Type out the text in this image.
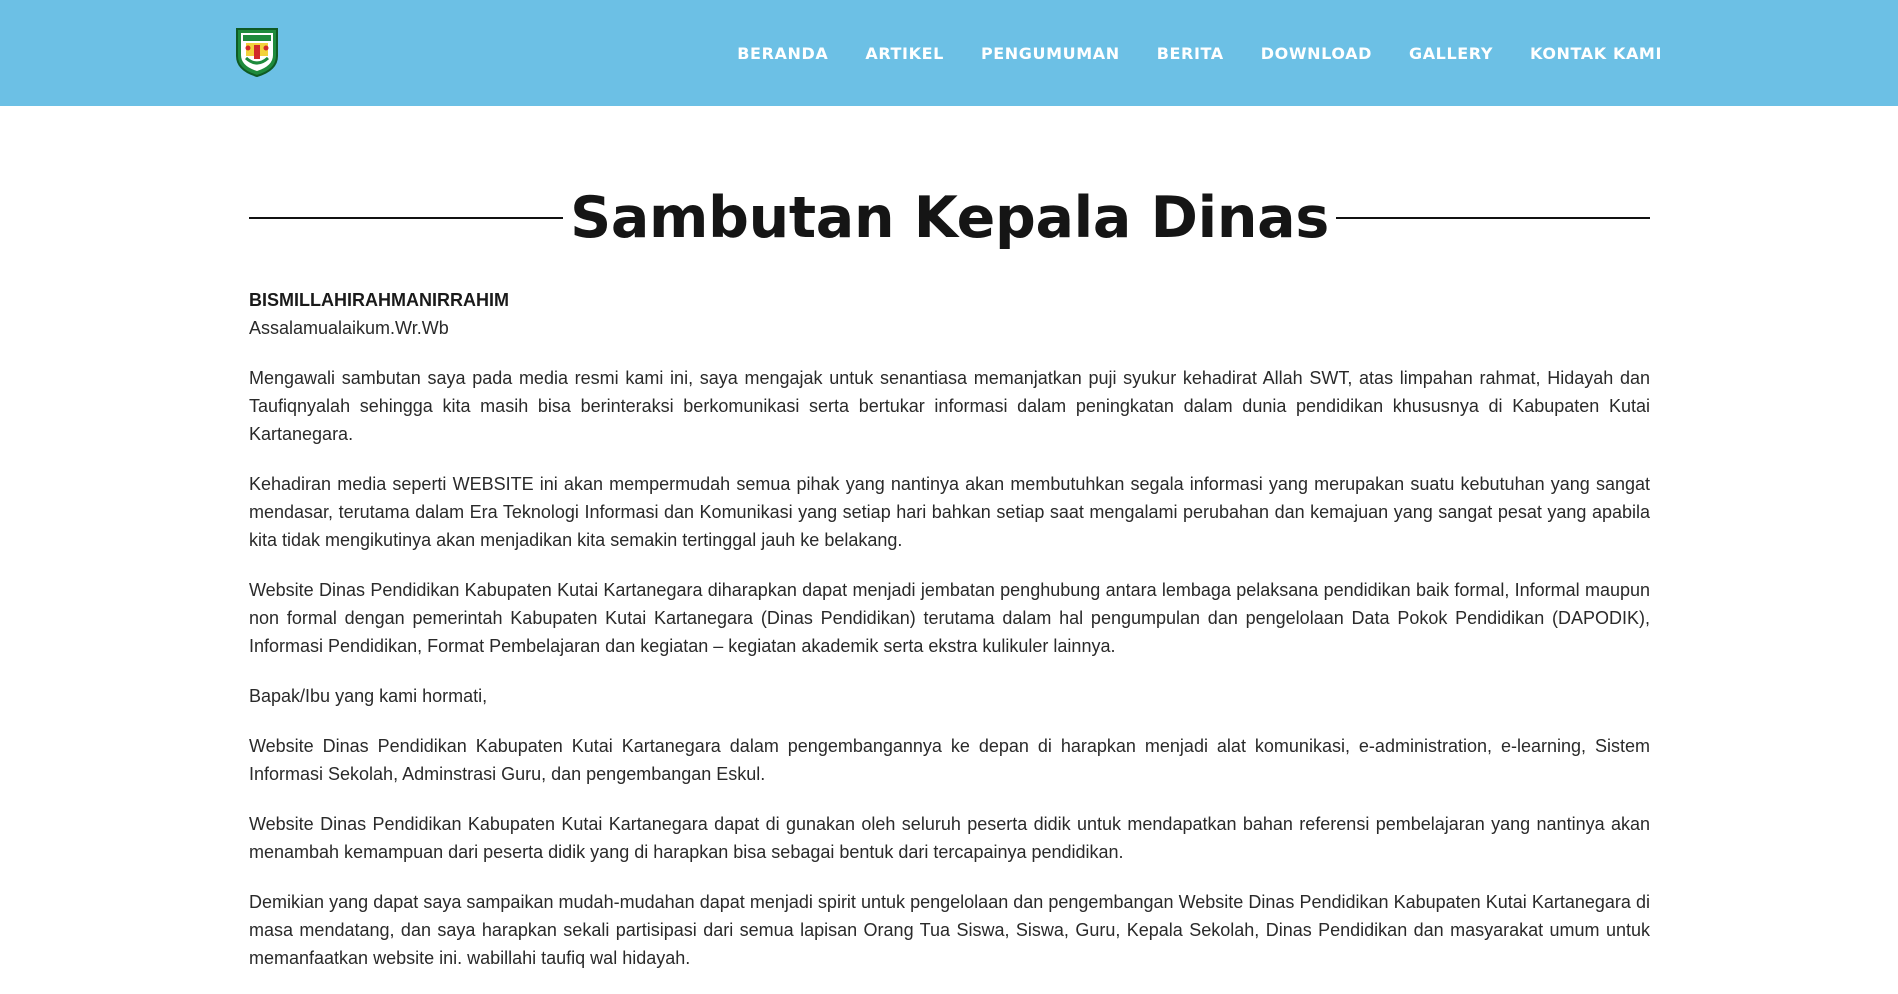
BERANDA ARTIKEL PENGUMUMAN BERITA DOWNLOAD GALLERY KONTAK KAMI
Sambutan Kepala Dinas

BISMILLAHIRAHMANIRRAHIM

Assalamualaikum.Wr.Wb

Mengawali sambutan saya pada media resmi kami ini, saya mengajak untuk senantiasa memanjatkan puji syukur kehadirat Allah SWT, atas limpahan rahmat, Hidayah dan Taufiqnyalah sehingga kita masih bisa berinteraksi berkomunikasi serta bertukar informasi dalam peningkatan dalam dunia pendidikan khususnya di Kabupaten Kutai Kartanegara.

Kehadiran media seperti WEBSITE ini akan mempermudah semua pihak yang nantinya akan membutuhkan segala informasi yang merupakan suatu kebutuhan yang sangat mendasar, terutama dalam Era Teknologi Informasi dan Komunikasi yang setiap hari bahkan setiap saat mengalami perubahan dan kemajuan yang sangat pesat yang apabila kita tidak mengikutinya akan menjadikan kita semakin tertinggal jauh ke belakang.

Website Dinas Pendidikan Kabupaten Kutai Kartanegara diharapkan dapat menjadi jembatan penghubung antara lembaga pelaksana pendidikan baik formal, Informal maupun non formal dengan pemerintah Kabupaten Kutai Kartanegara (Dinas Pendidikan) terutama dalam hal pengumpulan dan pengelolaan Data Pokok Pendidikan (DAPODIK), Informasi Pendidikan, Format Pembelajaran dan kegiatan – kegiatan akademik serta ekstra kulikuler lainnya.

Bapak/Ibu yang kami hormati,

Website Dinas Pendidikan Kabupaten Kutai Kartanegara dalam pengembangannya ke depan di harapkan menjadi alat komunikasi, e-administration, e-learning, Sistem Informasi Sekolah, Adminstrasi Guru, dan pengembangan Eskul.

Website Dinas Pendidikan Kabupaten Kutai Kartanegara dapat di gunakan oleh seluruh peserta didik untuk mendapatkan bahan referensi pembelajaran yang nantinya akan menambah kemampuan dari peserta didik yang di harapkan bisa sebagai bentuk dari tercapainya pendidikan.

Demikian yang dapat saya sampaikan mudah-mudahan dapat menjadi spirit untuk pengelolaan dan pengembangan Website Dinas Pendidikan Kabupaten Kutai Kartanegara di masa mendatang, dan saya harapkan sekali partisipasi dari semua lapisan Orang Tua Siswa, Siswa, Guru, Kepala Sekolah, Dinas Pendidikan dan masyarakat umum untuk memanfaatkan website ini. wabillahi taufiq wal hidayah.
